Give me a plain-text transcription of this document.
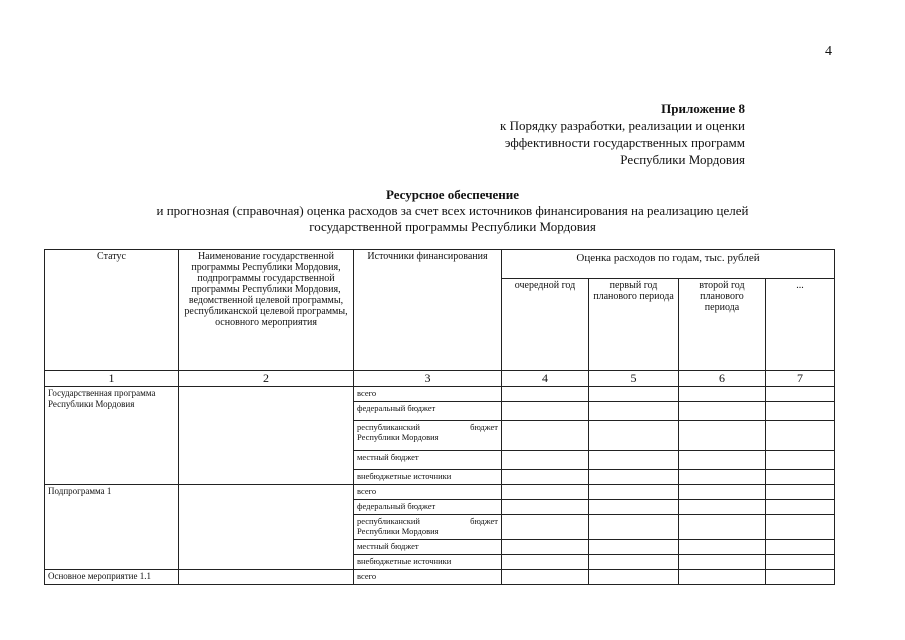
4
Приложение 8
к Порядку разработки, реализации и оценки
эффективности государственных программ
Республики Мордовия
Ресурсное обеспечение
и прогнозная (справочная) оценка расходов за счет всех источников финансирования на реализацию целей
государственной программы Республики Мордовия
Статус	Наименование государственной программы Республики Мордовия, подпрограммы государственной программы Республики Мордовия, ведомственной целевой программы, республиканской целевой программы, основного мероприятия	Источники финансирования	Оценка расходов по годам, тыс. рублей			
			очередной год	первый год планового периода	второй год планового периода	...
1	2	3	4	5	6	7
Государственная программа Республики Мордовия		всего				
		федеральный бюджет				

		республиканский бюджет
Республики Мордовия				

		местный бюджет				
		внебюджетные источники				
Подпрограмма 1		всего				
		федеральный бюджет				

		республиканский бюджет
Республики Мордовия				

		местный бюджет				
		внебюджетные источники				
Основное мероприятие 1.1		всего				
